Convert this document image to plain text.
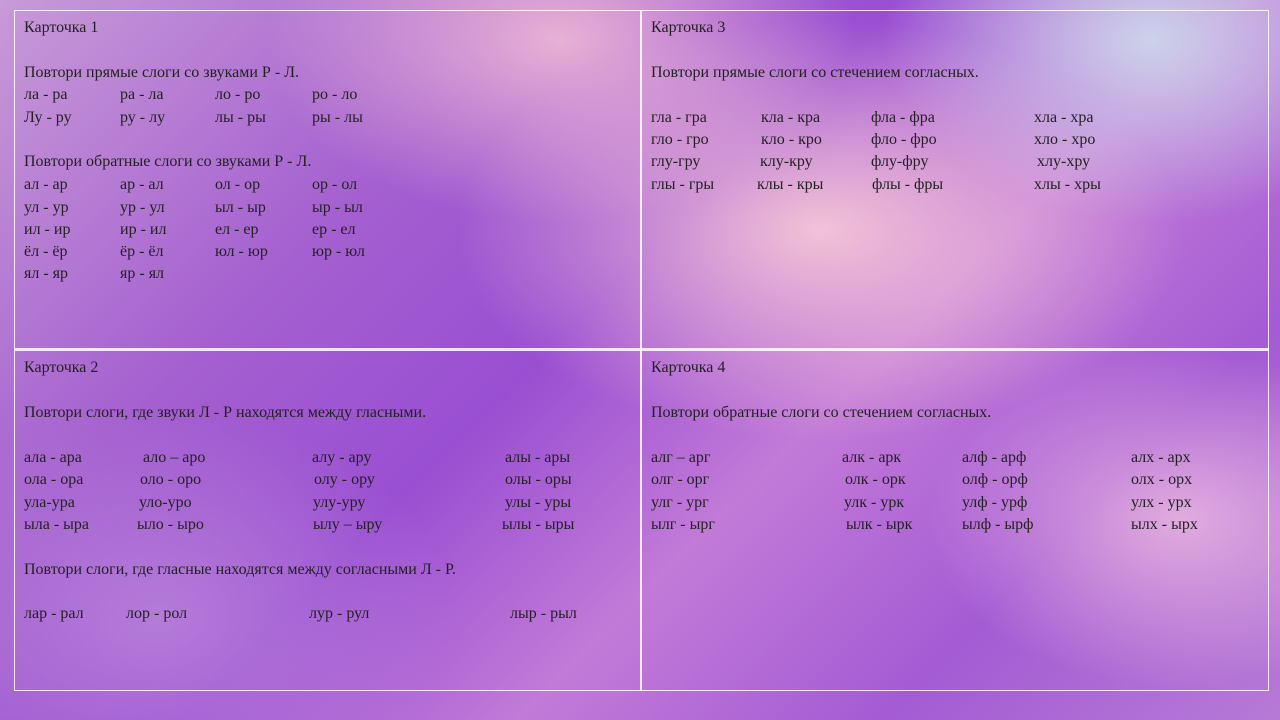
Карточка 1
Повтори прямые слоги со звуками Р - Л.
ла - ра	ра - ла	ло - ро	ро - ло
Лу - ру	ру - лу	лы - ры	ры - лы
Повтори обратные слоги со звуками Р - Л.
ал - ар	ар - ал	ол - ор	ор - ол
ул - ур	ур - ул	ыл - ыр	ыр - ыл
ил - ир	ир - ил	ел - ер	ер - ел
ёл - ёр	ёр - ёл	юл - юр	юр - юл
ял - яр	яр - ял
Карточка 2
Повтори слоги, где звуки Л - Р находятся между гласными.
ала - ара	ало – аро	алу - ару	алы - ары
ола - ора	оло - оро	олу - ору	олы - оры
ула-ура	уло-уро	улу-уру	улы - уры
ыла - ыра	ыло - ыро	ылу – ыру	ылы - ыры
Повтори слоги, где гласные находятся между согласными Л - Р.
лар - рал	лор - рол	лур - рул	лыр - рыл
Карточка 3
Повтори прямые слоги со стечением согласных.
гла - гра	кла - кра	фла - фра	хла - хра
гло - гро	кло - кро	фло - фро	хло - хро
глу-гру	клу-кру	флу-фру	хлу-хру
глы - гры	клы - кры	флы - фры	хлы - хры
Карточка 4
Повтори обратные слоги со стечением согласных.
алг – арг	алк - арк	алф - арф	алх - арх
олг - орг	олк - орк	олф - орф	олх - орх
улг - ург	улк - урк	улф - урф	улх - урх
ылг - ырг	ылк - ырк	ылф - ырф	ылх - ырх
